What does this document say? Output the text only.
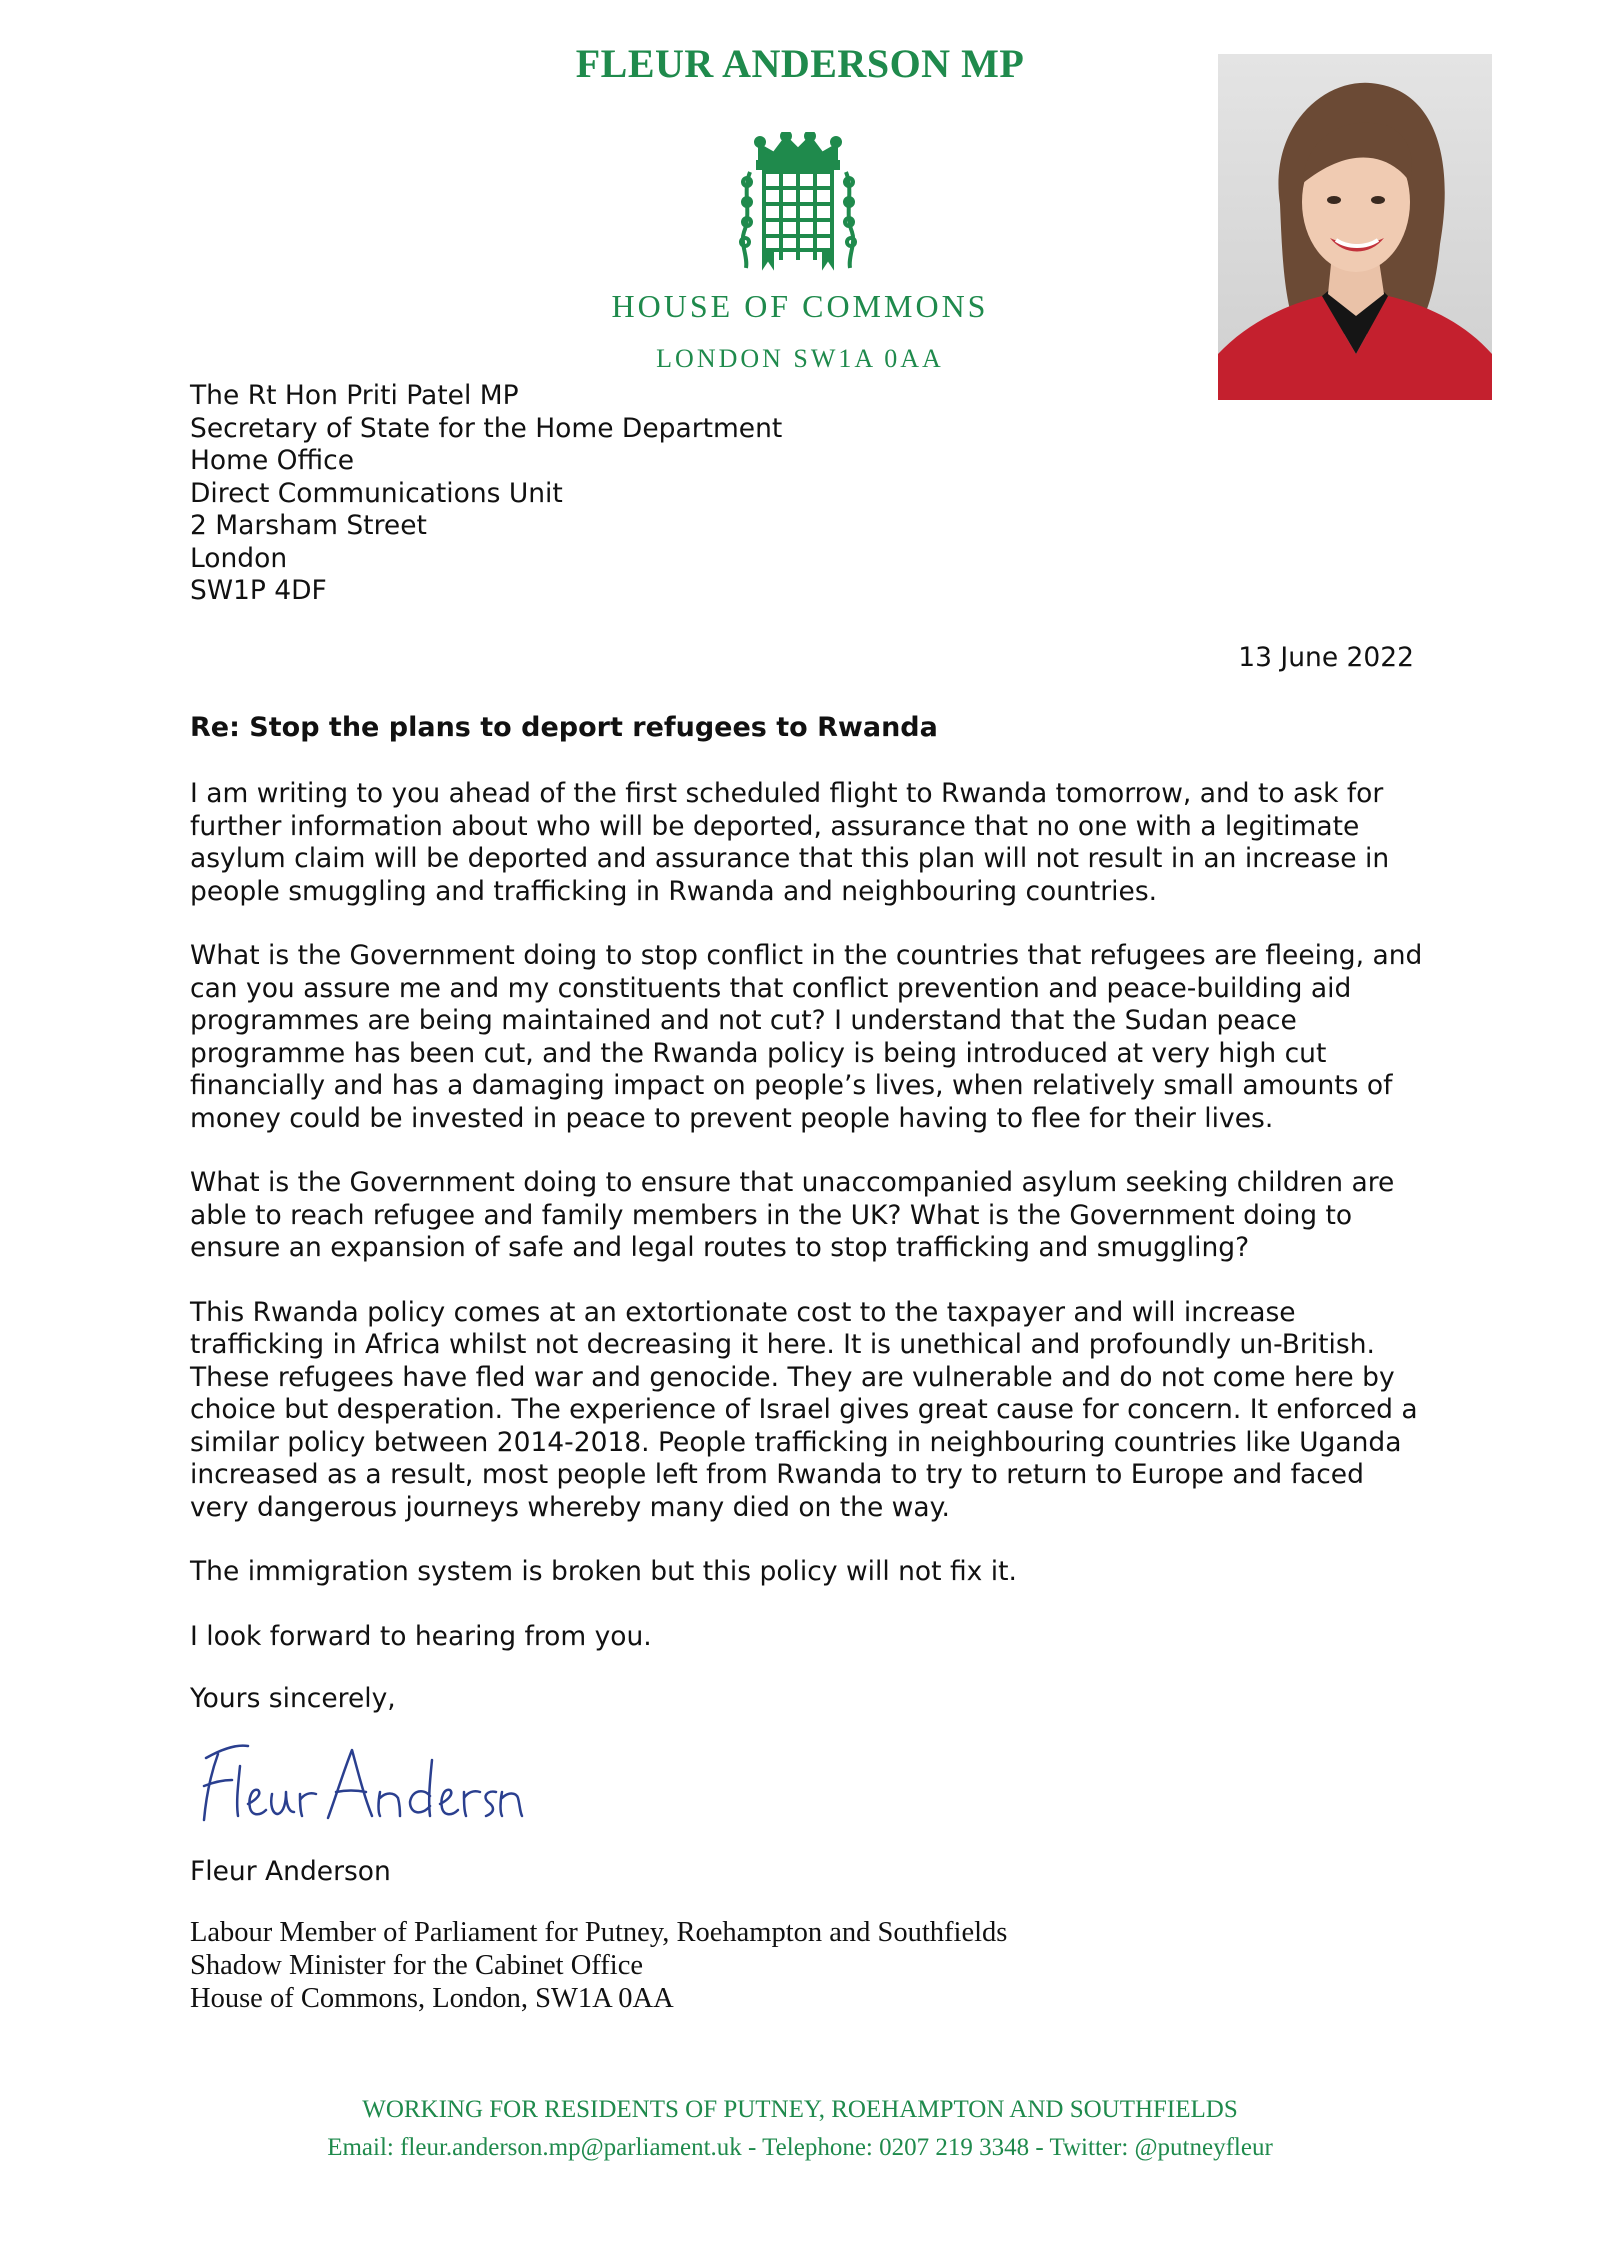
FLEUR ANDERSON MP
HOUSE OF COMMONS
LONDON SW1A 0AA
The Rt Hon Priti Patel MP
Secretary of State for the Home Department
Home Office
Direct Communications Unit
2 Marsham Street
London
SW1P 4DF
13 June 2022
Re: Stop the plans to deport refugees to Rwanda

I am writing to you ahead of the first scheduled flight to Rwanda tomorrow, and to ask for
further information about who will be deported, assurance that no one with a legitimate
asylum claim will be deported and assurance that this plan will not result in an increase in
people smuggling and trafficking in Rwanda and neighbouring countries.

What is the Government doing to stop conflict in the countries that refugees are fleeing, and
can you assure me and my constituents that conflict prevention and peace-building aid
programmes are being maintained and not cut? I understand that the Sudan peace
programme has been cut, and the Rwanda policy is being introduced at very high cut
financially and has a damaging impact on people’s lives, when relatively small amounts of
money could be invested in peace to prevent people having to flee for their lives.

What is the Government doing to ensure that unaccompanied asylum seeking children are
able to reach refugee and family members in the UK? What is the Government doing to
ensure an expansion of safe and legal routes to stop trafficking and smuggling?

This Rwanda policy comes at an extortionate cost to the taxpayer and will increase
trafficking in Africa whilst not decreasing it here. It is unethical and profoundly un-British.
These refugees have fled war and genocide. They are vulnerable and do not come here by
choice but desperation. The experience of Israel gives great cause for concern. It enforced a
similar policy between 2014-2018. People trafficking in neighbouring countries like Uganda
increased as a result, most people left from Rwanda to try to return to Europe and faced
very dangerous journeys whereby many died on the way.

The immigration system is broken but this policy will not fix it.

I look forward to hearing from you.

Yours sincerely,
Fleur Anderson
Fleur Anderson
Labour Member of Parliament for Putney, Roehampton and Southfields
Shadow Minister for the Cabinet Office
House of Commons, London, SW1A 0AA
WORKING FOR RESIDENTS OF PUTNEY, ROEHAMPTON AND SOUTHFIELDS
Email: fleur.anderson.mp@parliament.uk - Telephone: 0207 219 3348 - Twitter: @putneyfleur
